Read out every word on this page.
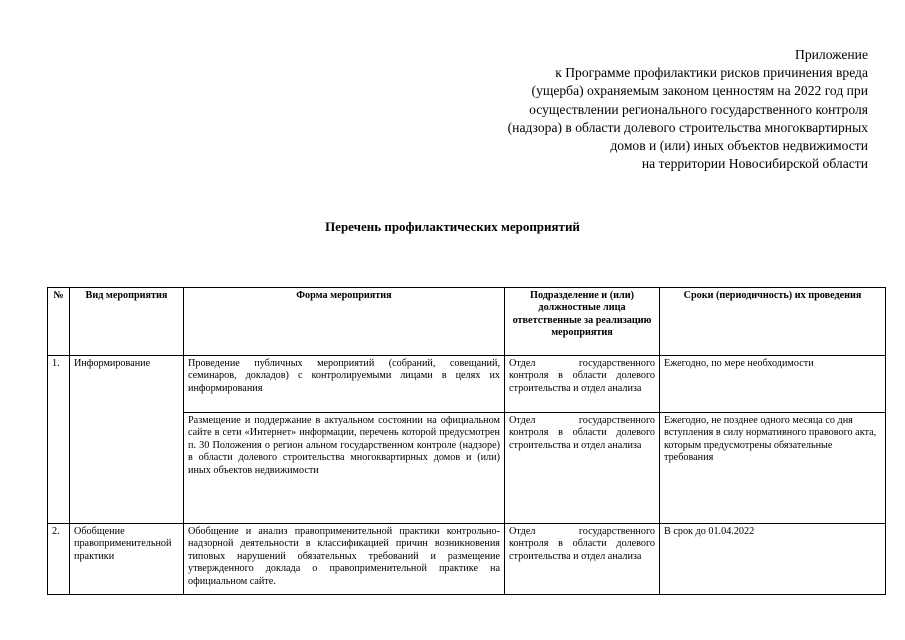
Приложение
к Программе профилактики рисков причинения вреда
(ущерба) охраняемым законом ценностям на 2022 год при
осуществлении регионального государственного контроля
(надзора) в области долевого строительства многоквартирных
домов и (или) иных объектов недвижимости
на территории Новосибирской области
Перечень профилактических мероприятий
№	Вид мероприятия	Форма мероприятия	Подразделение и (или) должностные лица ответственные за реализацию мероприятия	Сроки (периодичность) их проведения
1.	Информирование	Проведение публичных мероприятий (собраний, совещаний, семинаров, докладов) с контролируемыми лицами в целях их информирования	Отдел государственного контроля в области долевого строительства и отдел анализа	Ежегодно, по мере необходимости
		Размещение и поддержание в актуальном состоянии на официальном сайте в сети «Интернет» информации, перечень которой предусмотрен п. 30 Положения о регион альном государственном контроле (надзоре) в области долевого строительства многоквартирных домов и (или) иных объектов недвижимости	Отдел государственного контроля в области долевого строительства и отдел анализа	Ежегодно, не позднее одного месяца со дня вступления в силу нормативного правового акта, которым предусмотрены обязательные требования
2.	Обобщение правоприменительной практики	Обобщение и анализ правоприменительной практики контрольно-надзорной деятельности в классификацией причин возникновения типовых нарушений обязательных требований и размещение утвержденного доклада о правоприменительной практике на официальном сайте.	Отдел государственного контроля в области долевого строительства и отдел анализа	В срок до 01.04.2022
